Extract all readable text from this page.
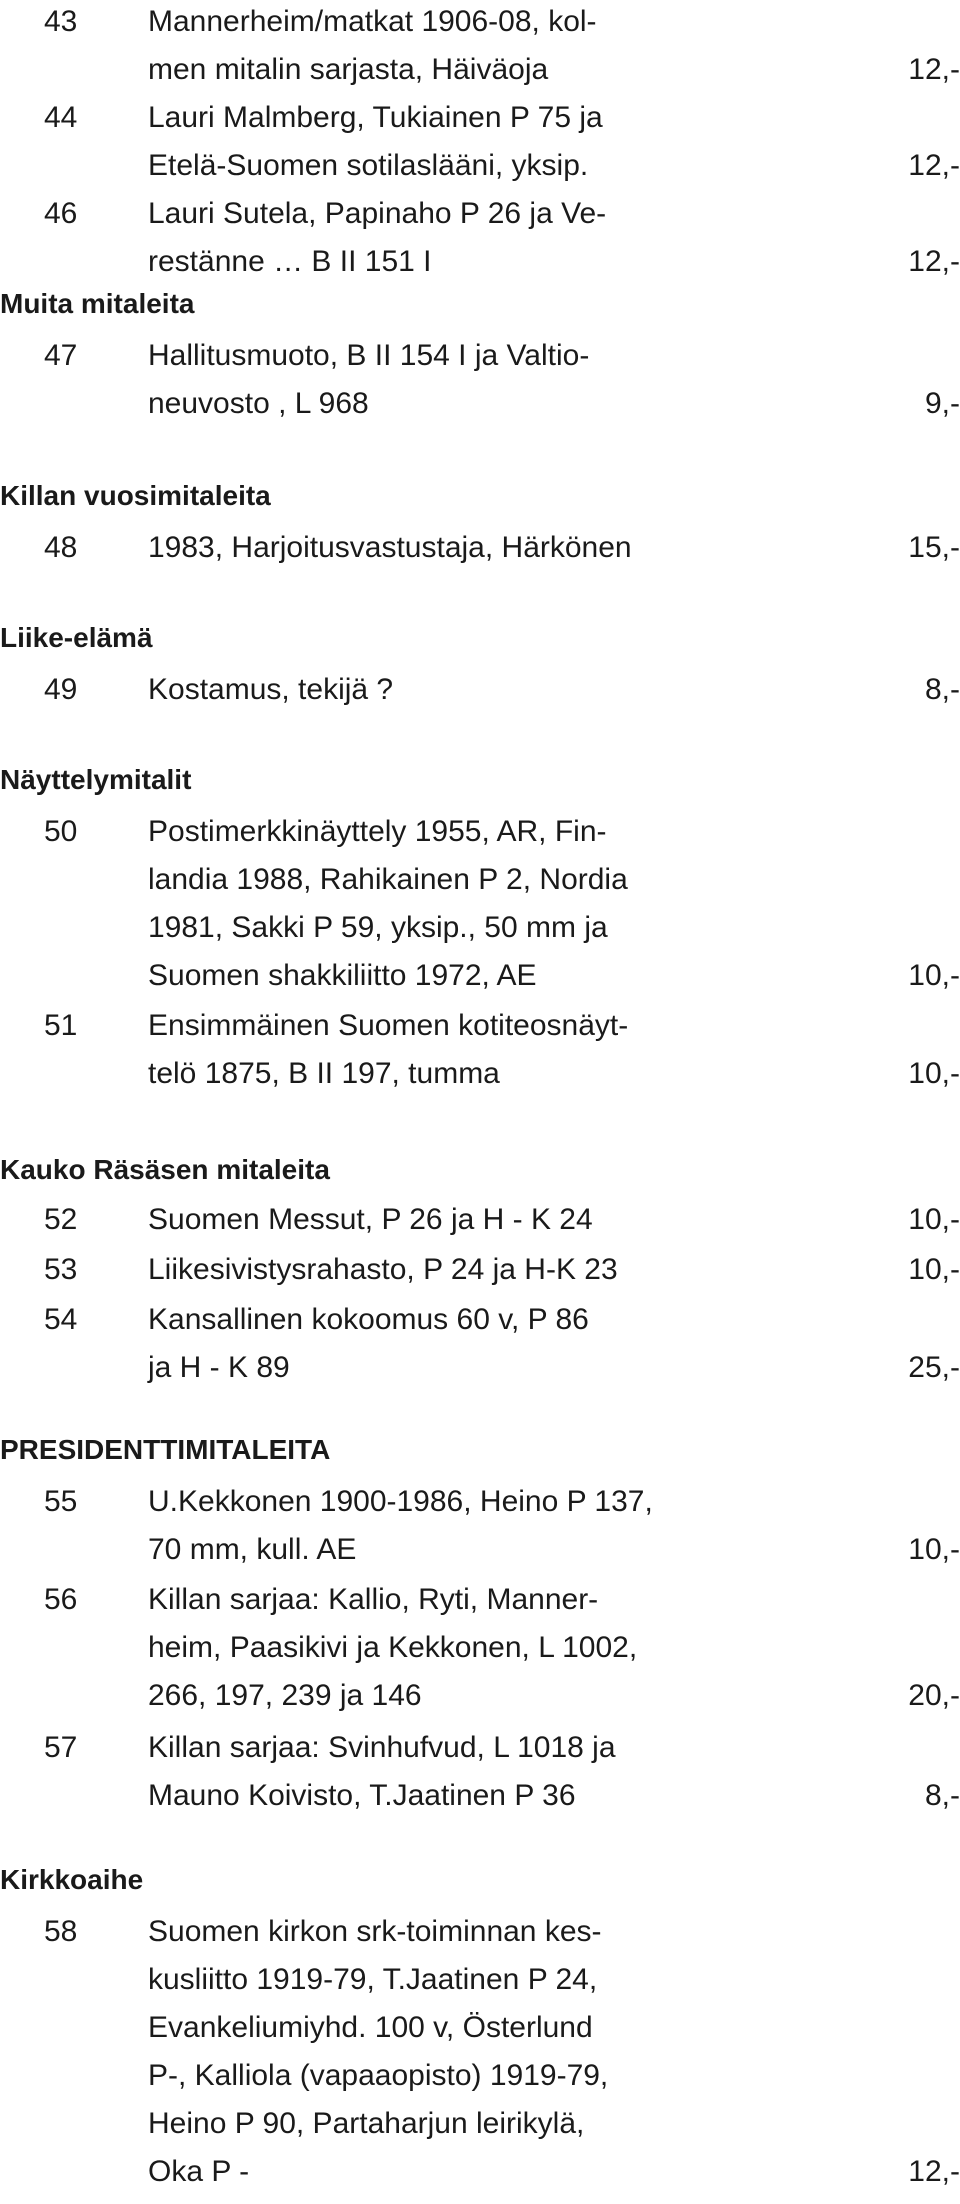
43 Mannerheim/matkat 1906-08, kol-
men mitalin sarjasta, Häiväoja	12,-
44 Lauri Malmberg, Tukiainen P 75 ja
Etelä-Suomen sotilaslääni, yksip.	12,-
46 Lauri Sutela, Papinaho P 26 ja Ve-
restänne … B II 151 I	12,-
Muita mitaleita
47 Hallitusmuoto, B II 154 I ja Valtio-
neuvosto , L 968	9,-
Killan vuosimitaleita
48 1983, Harjoitusvastustaja, Härkönen	15,-
Liike-elämä
49 Kostamus, tekijä ?	8,-
Näyttelymitalit
50 Postimerkkinäyttely 1955, AR, Fin-
landia 1988, Rahikainen P 2, Nordia
1981, Sakki P 59, yksip., 50 mm ja
Suomen shakkiliitto 1972, AE	10,-
51 Ensimmäinen Suomen kotiteosnäyt-
telö 1875, B II 197, tumma	10,-
Kauko Räsäsen mitaleita
52 Suomen Messut, P 26 ja H - K 24	10,-
53 Liikesivistysrahasto, P 24 ja H-K 23	10,-
54 Kansallinen kokoomus 60 v, P 86
ja H - K 89	25,-
PRESIDENTTIMITALEITA
55 U.Kekkonen 1900-1986, Heino P 137,
70 mm, kull. AE	10,-
56 Killan sarjaa: Kallio, Ryti, Manner-
heim, Paasikivi ja Kekkonen, L 1002,
266, 197, 239 ja 146	20,-
57 Killan sarjaa: Svinhufvud, L 1018 ja
Mauno Koivisto, T.Jaatinen P 36	8,-
Kirkkoaihe
58 Suomen kirkon srk-toiminnan kes-
kusliitto 1919-79, T.Jaatinen P 24,
Evankeliumiyhd. 100 v, Österlund
P-, Kalliola (vapaaopisto) 1919-79,
Heino P 90, Partaharjun leirikylä,
Oka P -	12,-
